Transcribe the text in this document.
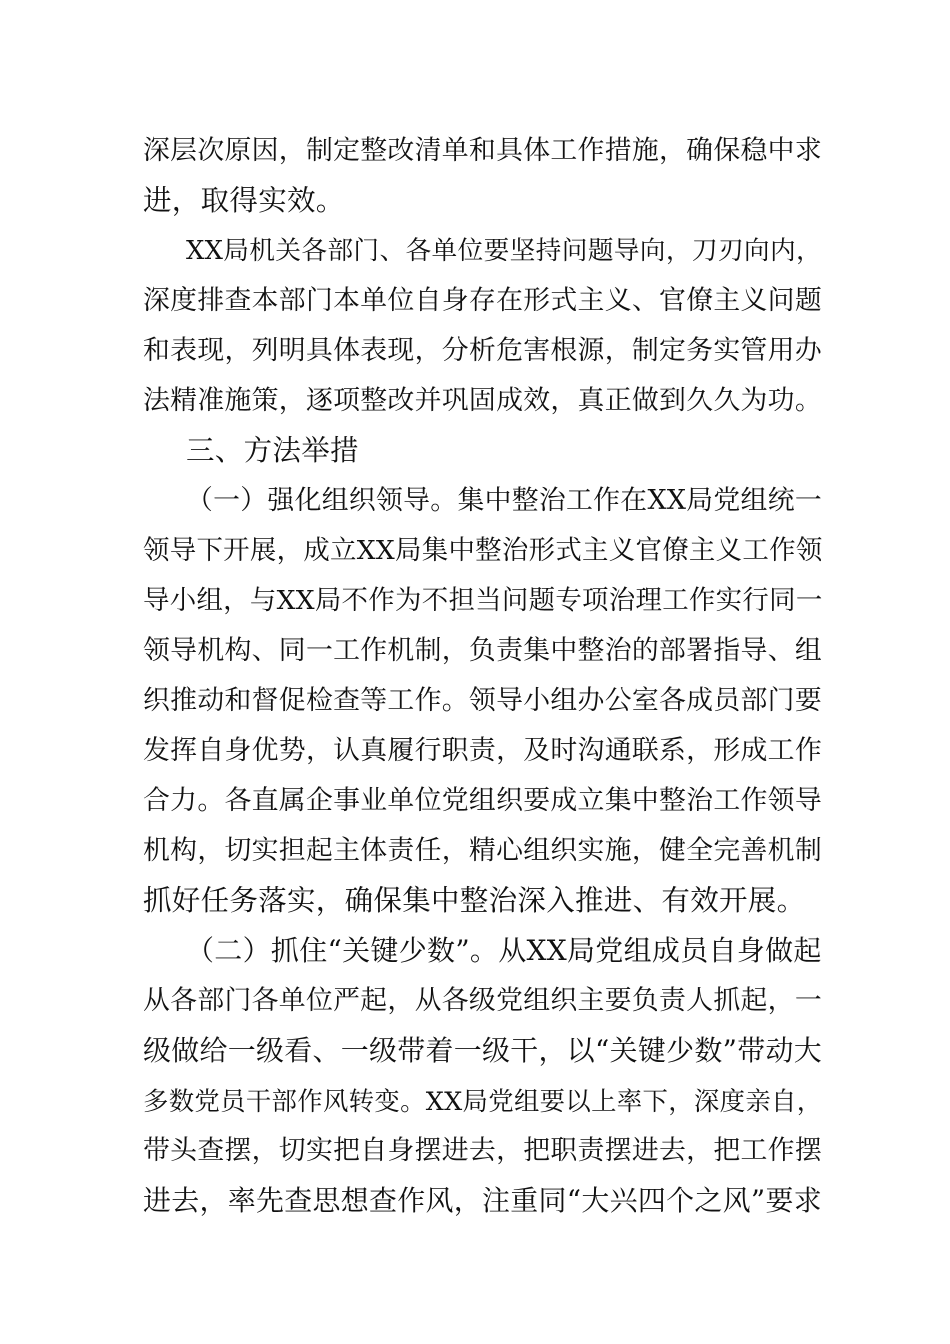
深层次原因，制定整改清单和具体工作措施，确保稳中求
进，取得实效。
XX局机关各部门、各单位要坚持问题导向，刀刃向内，
深度排查本部门本单位自身存在形式主义、官僚主义问题
和表现，列明具体表现，分析危害根源，制定务实管用办
法精准施策，逐项整改并巩固成效，真正做到久久为功。
三、方法举措
（一）强化组织领导。集中整治工作在XX局党组统一
领导下开展，成立XX局集中整治形式主义官僚主义工作领
导小组，与XX局不作为不担当问题专项治理工作实行同一
领导机构、同一工作机制，负责集中整治的部署指导、组
织推动和督促检查等工作。领导小组办公室各成员部门要
发挥自身优势，认真履行职责，及时沟通联系，形成工作
合力。各直属企事业单位党组织要成立集中整治工作领导
机构，切实担起主体责任，精心组织实施，健全完善机制
抓好任务落实，确保集中整治深入推进、有效开展。
（二）抓住“关键少数”。从XX局党组成员自身做起
从各部门各单位严起，从各级党组织主要负责人抓起，一
级做给一级看、一级带着一级干，以“关键少数”带动大
多数党员干部作风转变。XX局党组要以上率下，深度亲自，
带头查摆，切实把自身摆进去，把职责摆进去，把工作摆
进去，率先查思想查作风，注重同“大兴四个之风”要求
